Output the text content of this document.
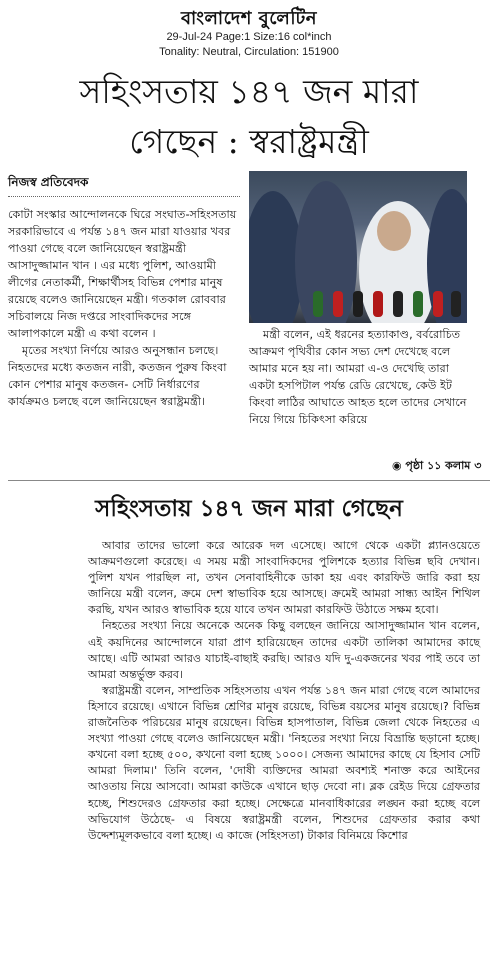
বাংলাদেশ বুলেটিন
29-Jul-24 Page:1 Size:16 col*inch
Tonality: Neutral, Circulation: 151900
সহিংসতায় ১৪৭ জন মারা
গেছেন : স্বরাষ্ট্রমন্ত্রী
নিজস্ব প্রতিবেদক

কোটা সংস্কার আন্দোলনকে ঘিরে সংঘাত-সহিংসতায় সরকারিভাবে এ পর্যন্ত ১৪৭ জন মারা যাওয়ার খবর পাওয়া গেছে বলে জানিয়েছেন স্বরাষ্ট্রমন্ত্রী আসাদুজ্জামান খান । এর মধ্যে পুলিশ, আওয়ামী লীগের নেতাকর্মী, শিক্ষার্থীসহ বিভিন্ন পেশার মানুষ রয়েছে বলেও জানিয়েছেন মন্ত্রী। গতকাল রোববার সচিবালয়ে নিজ দপ্তরে সাংবাদিকদের সঙ্গে আলাপকালে মন্ত্রী এ কথা বলেন ।

মৃতের সংখ্যা নির্ণয়ে আরও অনুসন্ধান চলছে। নিহতদের মধ্যে কতজন নারী, কতজন পুরুষ কিংবা কোন পেশার মানুষ কতজন- সেটি নির্ধারণের কার্যক্রমও চলছে বলে জানিয়েছেন স্বরাষ্ট্রমন্ত্রী।

মন্ত্রী বলেন, এই ধরনের হত্যাকাণ্ড, বর্বরোচিত আক্রমণ পৃথিবীর কোন সভ্য দেশ দেখেছে বলে আমার মনে হয় না। আমরা এ-ও দেখেছি তারা একটা হসপিটাল পর্যন্ত রেডি রেখেছে, কেউ ইট কিংবা লাঠির আঘাতে আহত হলে তাদের সেখানে নিয়ে গিয়ে চিকিৎসা করিয়ে

◉ পৃষ্ঠা ১১ কলাম ৩
সহিংসতায় ১৪৭ জন মারা গেছেন

আবার তাদের ভালো করে আরেক দল এসেছে। আগে থেকে একটা প্ল্যানওয়েতে আক্রমণগুলো করেছে। এ সময় মন্ত্রী সাংবাদিকদের পুলিশকে হত্যার বিভিন্ন ছবি দেখান। পুলিশ যখন পারছিল না, তখন সেনাবাহিনীকে ডাকা হয় এবং কারফিউ জারি করা হয় জানিয়ে মন্ত্রী বলেন, ক্রমে দেশ স্বাভাবিক হয়ে আসছে। ক্রমেই আমরা সান্ধ্য আইন শিথিল করছি, যখন আরও স্বাভাবিক হয়ে যাবে তখন আমরা কারফিউ উঠাতে সক্ষম হবো।

নিহতের সংখ্যা নিয়ে অনেকে অনেক কিছু বলছেন জানিয়ে আসাদুজ্জামান খান বলেন, এই কয়দিনের আন্দোলনে যারা প্রাণ হারিয়েছেন তাদের একটা তালিকা আমাদের কাছে আছে। এটি আমরা আরও যাচাই-বাছাই করছি। আরও যদি দু-একজনের খবর পাই তবে তা আমরা অন্তর্ভুক্ত করব।

স্বরাষ্ট্রমন্ত্রী বলেন, সাম্প্রতিক সহিংসতায় এখন পর্যন্ত ১৪৭ জন মারা গেছে বলে আমাদের হিসাবে রয়েছে। এখানে বিভিন্ন শ্রেণির মানুষ রয়েছে, বিভিন্ন বয়সের মানুষ রয়েছে।? বিভিন্ন রাজনৈতিক পরিচয়ের মানুষ রয়েছেন। বিভিন্ন হাসপাতাল, বিভিন্ন জেলা থেকে নিহতের এ সংখ্যা পাওয়া গেছে বলেও জানিয়েছেন মন্ত্রী। 'নিহতের সংখ্যা নিয়ে বিভ্রান্তি ছড়ানো হচ্ছে। কখনো বলা হচ্ছে ৫০০, কখনো বলা হচ্ছে ১০০০। সেজন্য আমাদের কাছে যে হিসাব সেটি আমরা দিলাম।' তিনি বলেন, 'দোষী ব্যক্তিদের আমরা অবশ্যই শনাক্ত করে আইনের আওতায় নিয়ে আসবো। আমরা কাউকে এখানে ছাড় দেবো না। ব্লক রেইড দিয়ে গ্রেফতার হচ্ছে, শিশুদেরও গ্রেফতার করা হচ্ছে। সেক্ষেত্রে মানবাধিকারের লঙ্ঘন করা হচ্ছে বলে অভিযোগ উঠেছে- এ বিষয়ে স্বরাষ্ট্রমন্ত্রী বলেন, শিশুদের গ্রেফতার করার কথা উদ্দেশ্যমূলকভাবে বলা হচ্ছে। এ কাজে (সহিংসতা) টাকার বিনিময়ে কিশোর
